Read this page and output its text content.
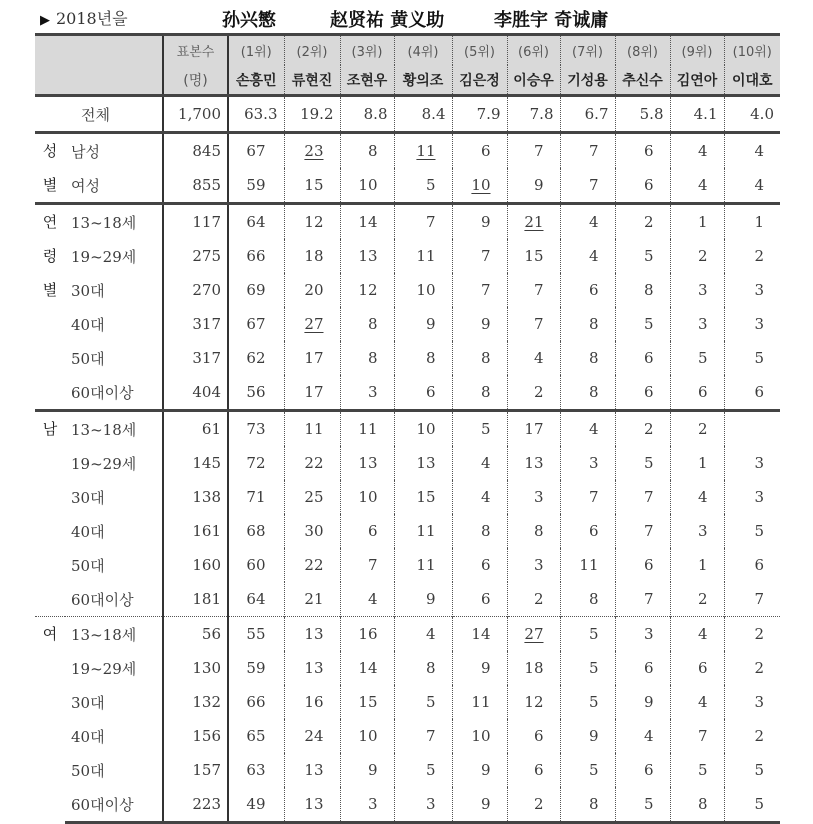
▶ 2018년을	孙兴慜	赵贤祐 黄义助	李胜宇 奇诚庸
		표본수	(1위)	(2위)	(3위)	(4위)	(5위)	(6위)	(7위)	(8위)	(9위)	(10위)
		(명)	손흥민	류현진	조현우	황의조	김은정	이승우	기성용	추신수	김연아	이대호
전체		1,700	63.3	19.2	8.8	8.4	7.9	7.8	6.7	5.8	4.1	4.0

성
별	남성	845	67	23	8	11	6	7	7	6	4	4
	여성	855	59	15	10	5	10	9	7	6	4	4

연
령
별	13~18세	117	64	12	14	7	9	21	4	2	1	1
	19~29세	275	66	18	13	11	7	15	4	5	2	2
	30대	270	69	20	12	10	7	7	6	8	3	3
	40대	317	67	27	8	9	9	7	8	5	3	3
	50대	317	62	17	8	8	8	4	8	6	5	5
	60대이상	404	56	17	3	6	8	2	8	6	6	6

남	13~18세	61	73	11	11	10	5	17	4	2	2	
	19~29세	145	72	22	13	13	4	13	3	5	1	3
	30대	138	71	25	10	15	4	3	7	7	4	3
	40대	161	68	30	6	11	8	8	6	7	3	5
	50대	160	60	22	7	11	6	3	11	6	1	6
	60대이상	181	64	21	4	9	6	2	8	7	2	7

여	13~18세	56	55	13	16	4	14	27	5	3	4	2
	19~29세	130	59	13	14	8	9	18	5	6	6	2
	30대	132	66	16	15	5	11	12	5	9	4	3
	40대	156	65	24	10	7	10	6	9	4	7	2
	50대	157	63	13	9	5	9	6	5	6	5	5
	60대이상	223	49	13	3	3	9	2	8	5	8	5
